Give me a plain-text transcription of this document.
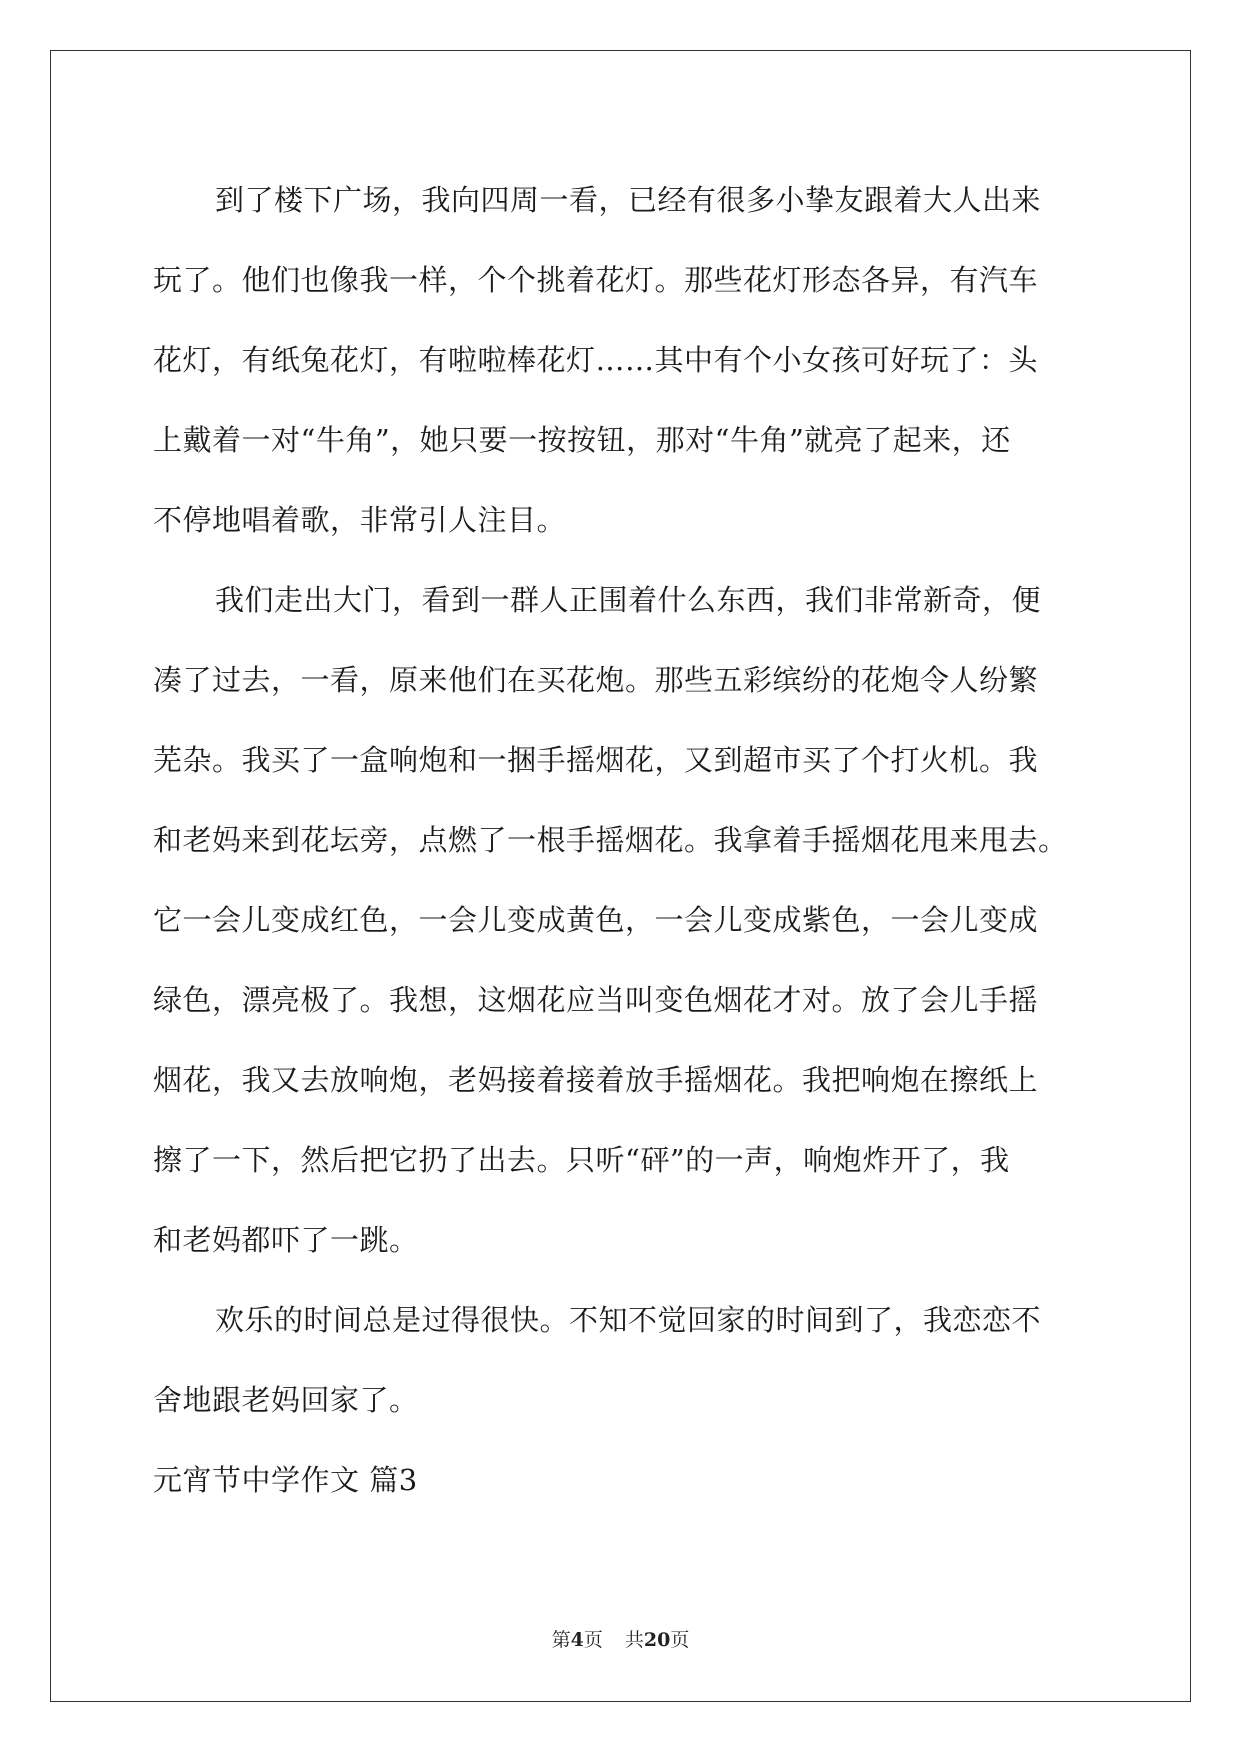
到了楼下广场，我向四周一看，已经有很多小挚友跟着大人出来
玩了。他们也像我一样，个个挑着花灯。那些花灯形态各异，有汽车
花灯，有纸兔花灯，有啦啦棒花灯……其中有个小女孩可好玩了：头
上戴着一对“牛角”，她只要一按按钮，那对“牛角”就亮了起来，还
不停地唱着歌，非常引人注目。

我们走出大门，看到一群人正围着什么东西，我们非常新奇，便
凑了过去，一看，原来他们在买花炮。那些五彩缤纷的花炮令人纷繁
芜杂。我买了一盒响炮和一捆手摇烟花，又到超市买了个打火机。我
和老妈来到花坛旁，点燃了一根手摇烟花。我拿着手摇烟花甩来甩去。
它一会儿变成红色，一会儿变成黄色，一会儿变成紫色，一会儿变成
绿色，漂亮极了。我想，这烟花应当叫变色烟花才对。放了会儿手摇
烟花，我又去放响炮，老妈接着接着放手摇烟花。我把响炮在擦纸上
擦了一下，然后把它扔了出去。只听“砰”的一声，响炮炸开了，我
和老妈都吓了一跳。

欢乐的时间总是过得很快。不知不觉回家的时间到了，我恋恋不
舍地跟老妈回家了。

元宵节中学作文 篇3
第4页 共20页
